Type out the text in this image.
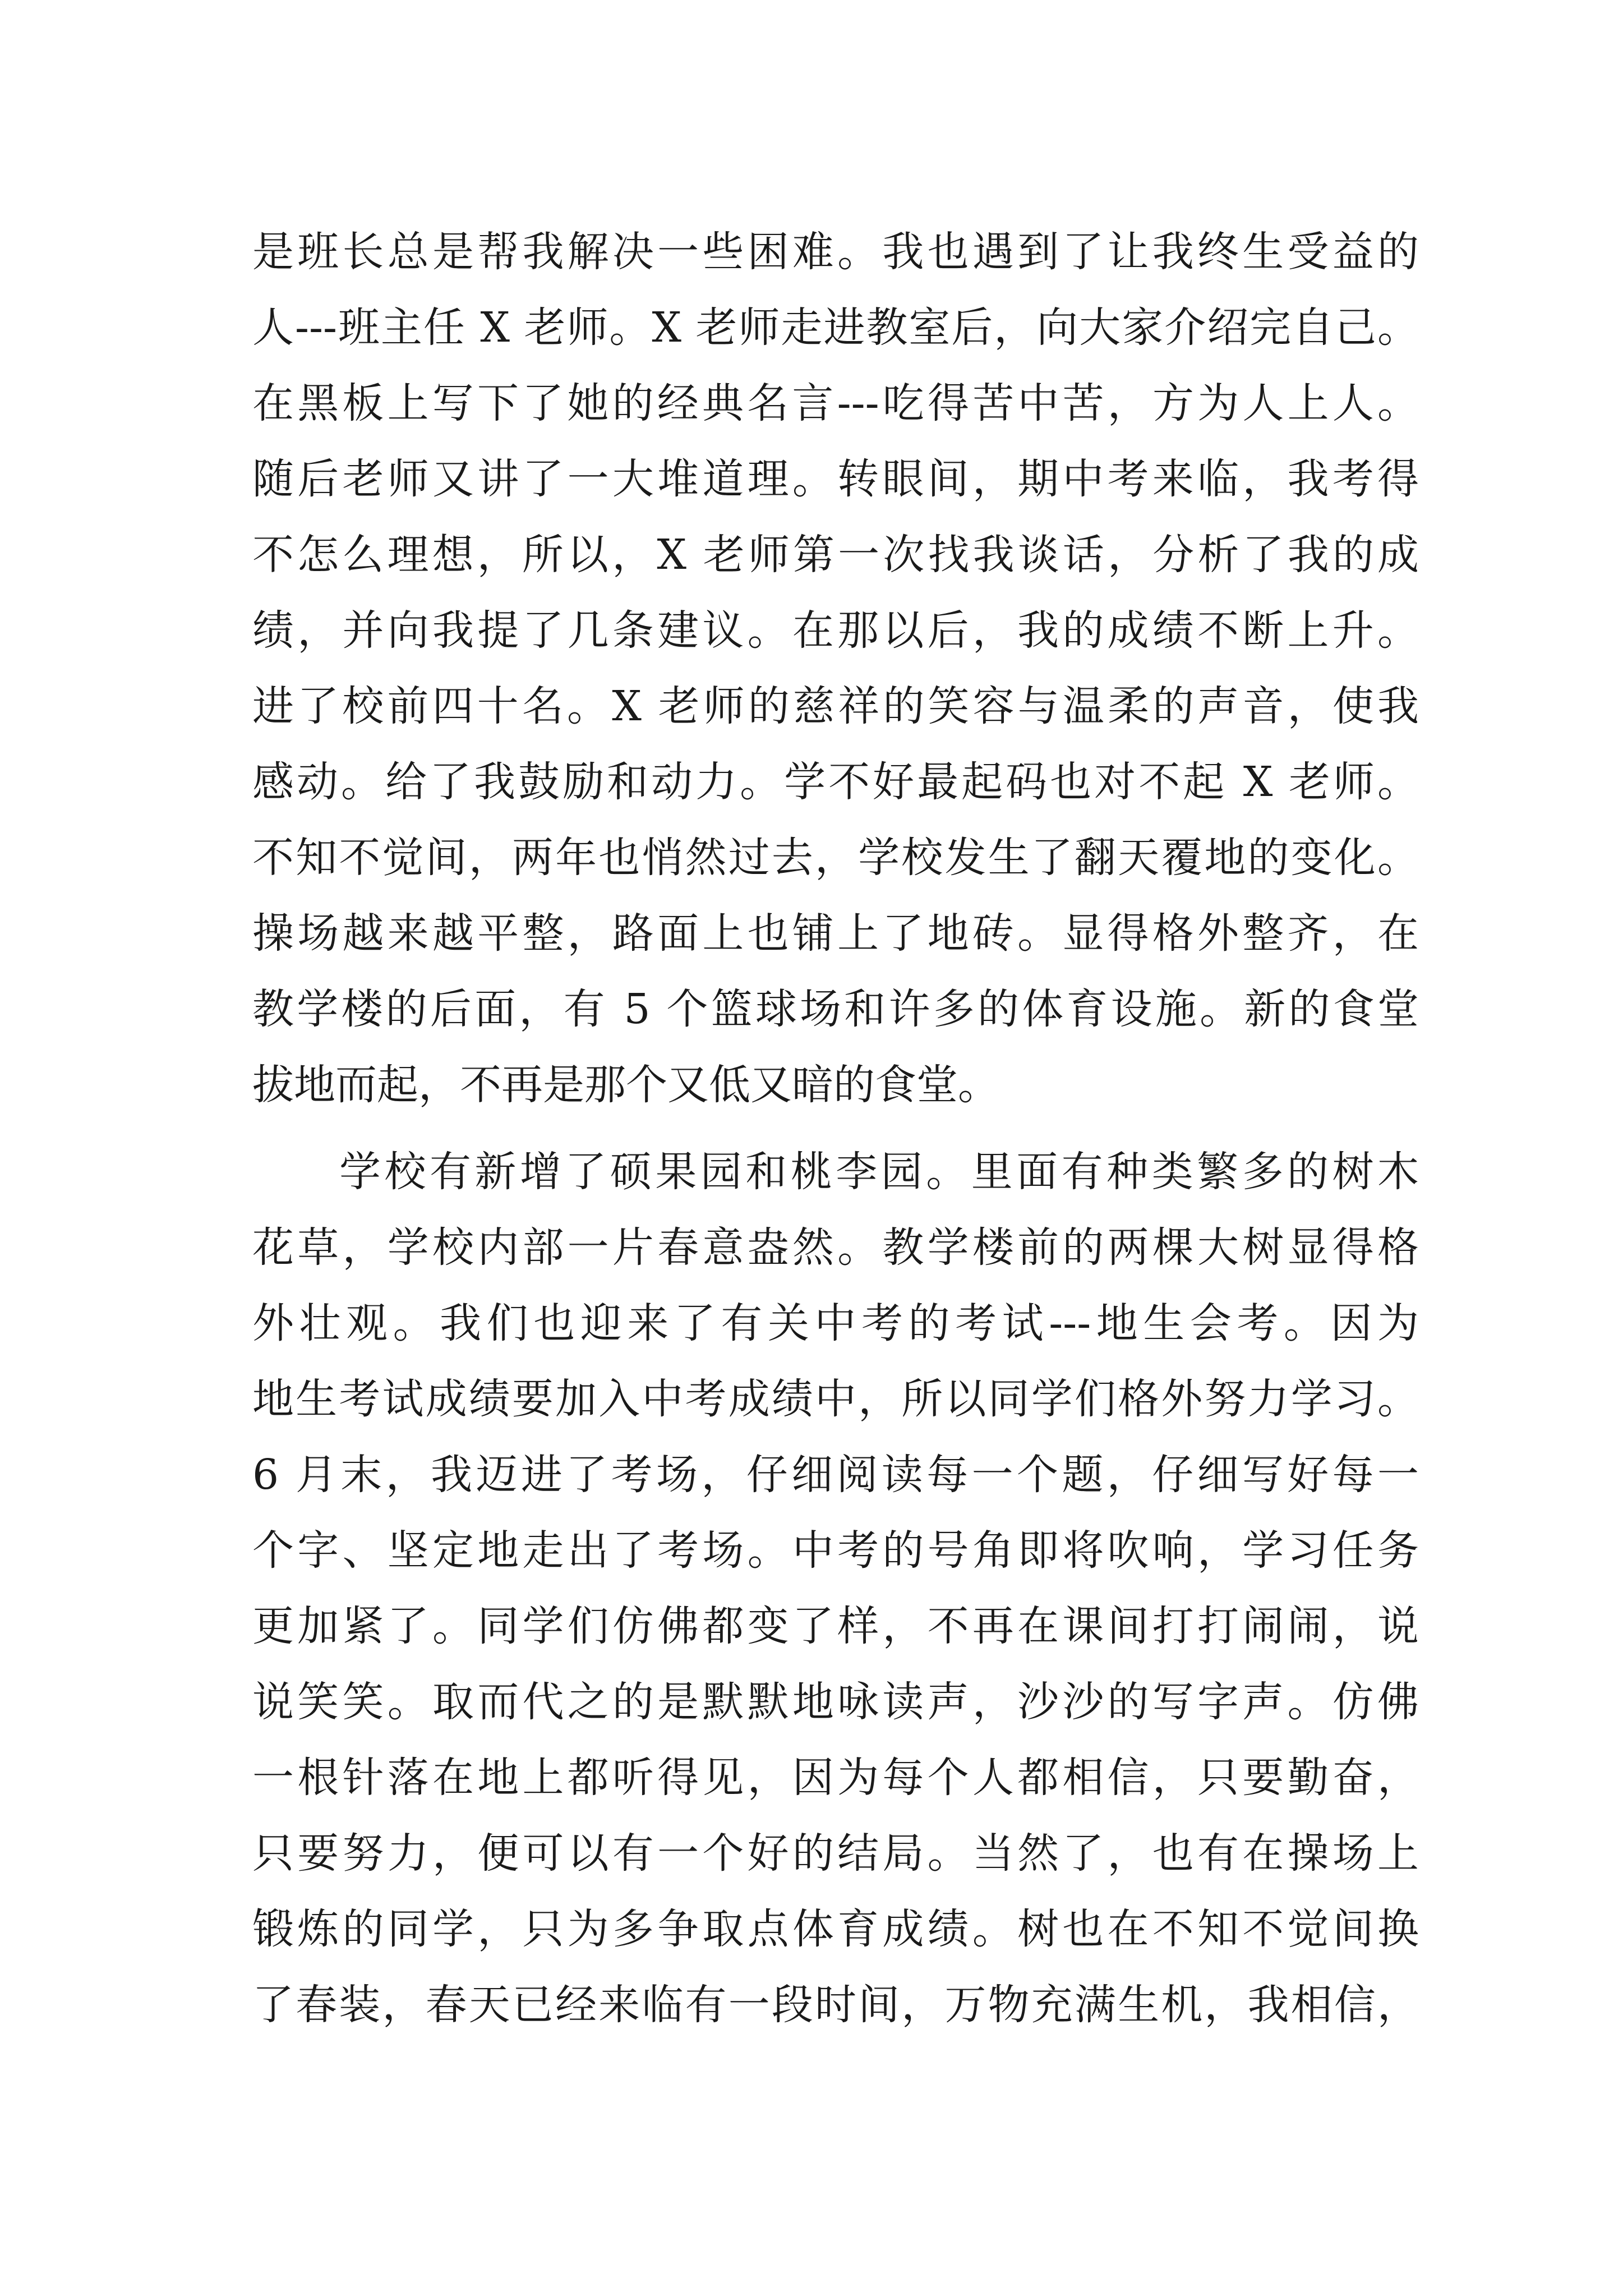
是班长总是帮我解决一些困难。我也遇到了让我终生受益的
人---班主任 X 老师。X 老师走进教室后，向大家介绍完自己。
在黑板上写下了她的经典名言---吃得苦中苦，方为人上人。
随后老师又讲了一大堆道理。转眼间，期中考来临，我考得
不怎么理想，所以，X 老师第一次找我谈话，分析了我的成
绩，并向我提了几条建议。在那以后，我的成绩不断上升。
进了校前四十名。X 老师的慈祥的笑容与温柔的声音，使我
感动。给了我鼓励和动力。学不好最起码也对不起 X 老师。
不知不觉间，两年也悄然过去，学校发生了翻天覆地的变化。
操场越来越平整，路面上也铺上了地砖。显得格外整齐，在
教学楼的后面，有 5 个篮球场和许多的体育设施。新的食堂
拔地而起，不再是那个又低又暗的食堂。
学校有新增了硕果园和桃李园。里面有种类繁多的树木
花草，学校内部一片春意盎然。教学楼前的两棵大树显得格
外壮观。我们也迎来了有关中考的考试---地生会考。因为
地生考试成绩要加入中考成绩中，所以同学们格外努力学习。
6 月末，我迈进了考场，仔细阅读每一个题，仔细写好每一
个字、坚定地走出了考场。中考的号角即将吹响，学习任务
更加紧了。同学们仿佛都变了样，不再在课间打打闹闹，说
说笑笑。取而代之的是默默地咏读声，沙沙的写字声。仿佛
一根针落在地上都听得见，因为每个人都相信，只要勤奋，
只要努力，便可以有一个好的结局。当然了，也有在操场上
锻炼的同学，只为多争取点体育成绩。树也在不知不觉间换
了春装，春天已经来临有一段时间，万物充满生机，我相信，
